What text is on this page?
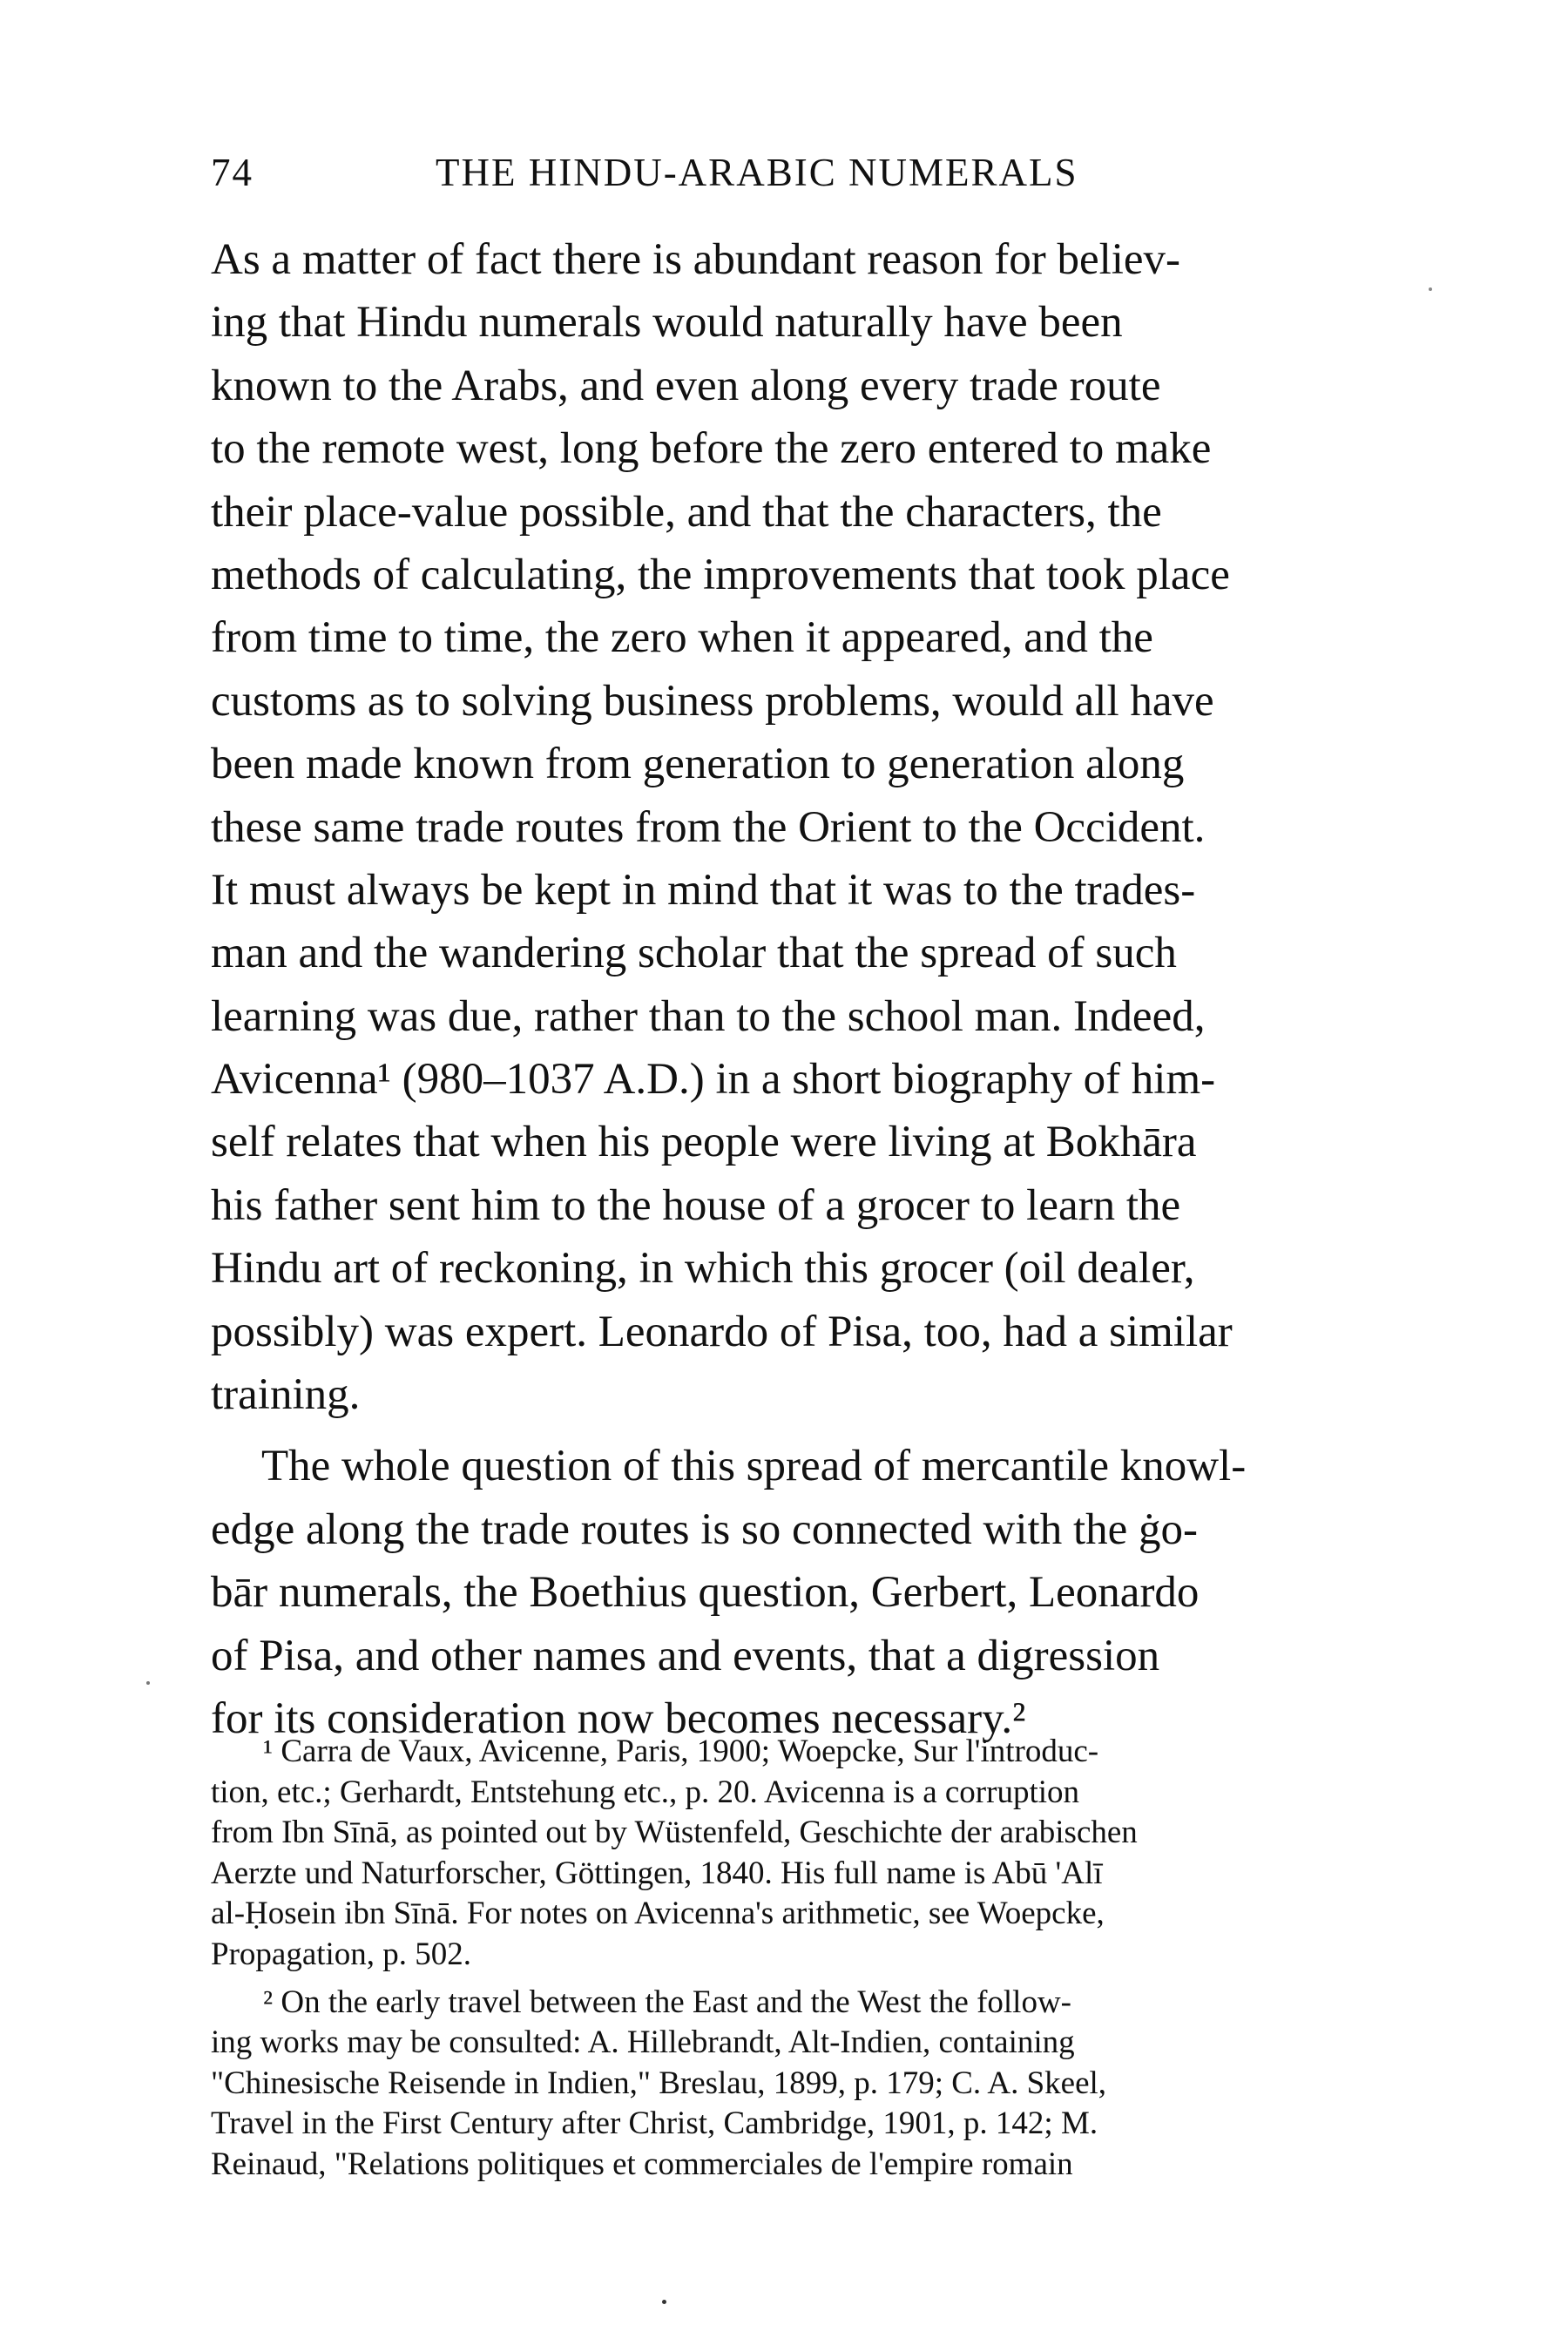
74	THE HINDU-ARABIC NUMERALS
As a matter of fact there is abundant reason for believ-
ing that Hindu numerals would naturally have been
known to the Arabs, and even along every trade route
to the remote west, long before the zero entered to make
their place-value possible, and that the characters, the
methods of calculating, the improvements that took place
from time to time, the zero when it appeared, and the
customs as to solving business problems, would all have
been made known from generation to generation along
these same trade routes from the Orient to the Occident.
It must always be kept in mind that it was to the trades-
man and the wandering scholar that the spread of such
learning was due, rather than to the school man. Indeed,
Avicenna¹ (980–1037 A.D.) in a short biography of him-
self relates that when his people were living at Bokhāra
his father sent him to the house of a grocer to learn the
Hindu art of reckoning, in which this grocer (oil dealer,
possibly) was expert. Leonardo of Pisa, too, had a similar
training.
The whole question of this spread of mercantile knowl-
edge along the trade routes is so connected with the ġo-
bār numerals, the Boethius question, Gerbert, Leonardo
of Pisa, and other names and events, that a digression
for its consideration now becomes necessary.²
¹ Carra de Vaux, Avicenne, Paris, 1900; Woepcke, Sur l'introduc-
tion, etc.; Gerhardt, Entstehung etc., p. 20. Avicenna is a corruption
from Ibn Sīnā, as pointed out by Wüstenfeld, Geschichte der arabischen
Aerzte und Naturforscher, Göttingen, 1840. His full name is Abū 'Alī
al-Ḥosein ibn Sīnā. For notes on Avicenna's arithmetic, see Woepcke,
Propagation, p. 502.
² On the early travel between the East and the West the follow-
ing works may be consulted: A. Hillebrandt, Alt-Indien, containing
"Chinesische Reisende in Indien," Breslau, 1899, p. 179; C. A. Skeel,
Travel in the First Century after Christ, Cambridge, 1901, p. 142; M.
Reinaud, "Relations politiques et commerciales de l'empire romain
